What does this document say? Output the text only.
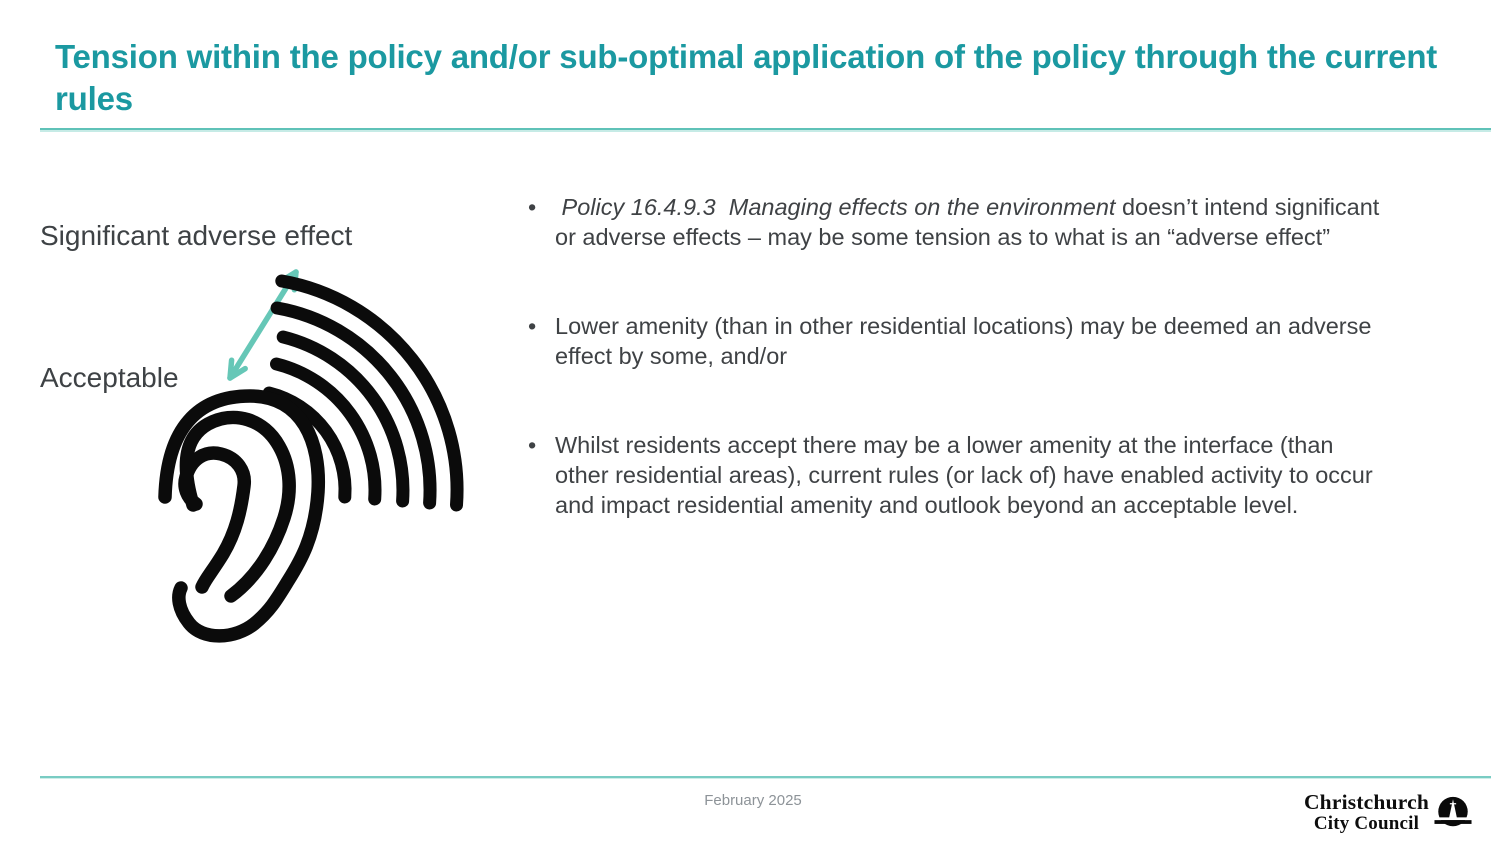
Tension within the policy and/or sub-optimal application of the policy through the current rules
Significant adverse effect
Acceptable
• Policy 16.4.9.3  Managing effects on the environment doesn’t intend significant or adverse effects – may be some tension as to what is an “adverse effect”
• Lower amenity (than in other residential locations) may be deemed an adverse effect by some, and/or
• Whilst residents accept there may be a lower amenity at the interface (than other residential areas), current rules (or lack of) have enabled activity to occur and impact residential amenity and outlook beyond an acceptable level.
February 2025	Christchurch
City Council
